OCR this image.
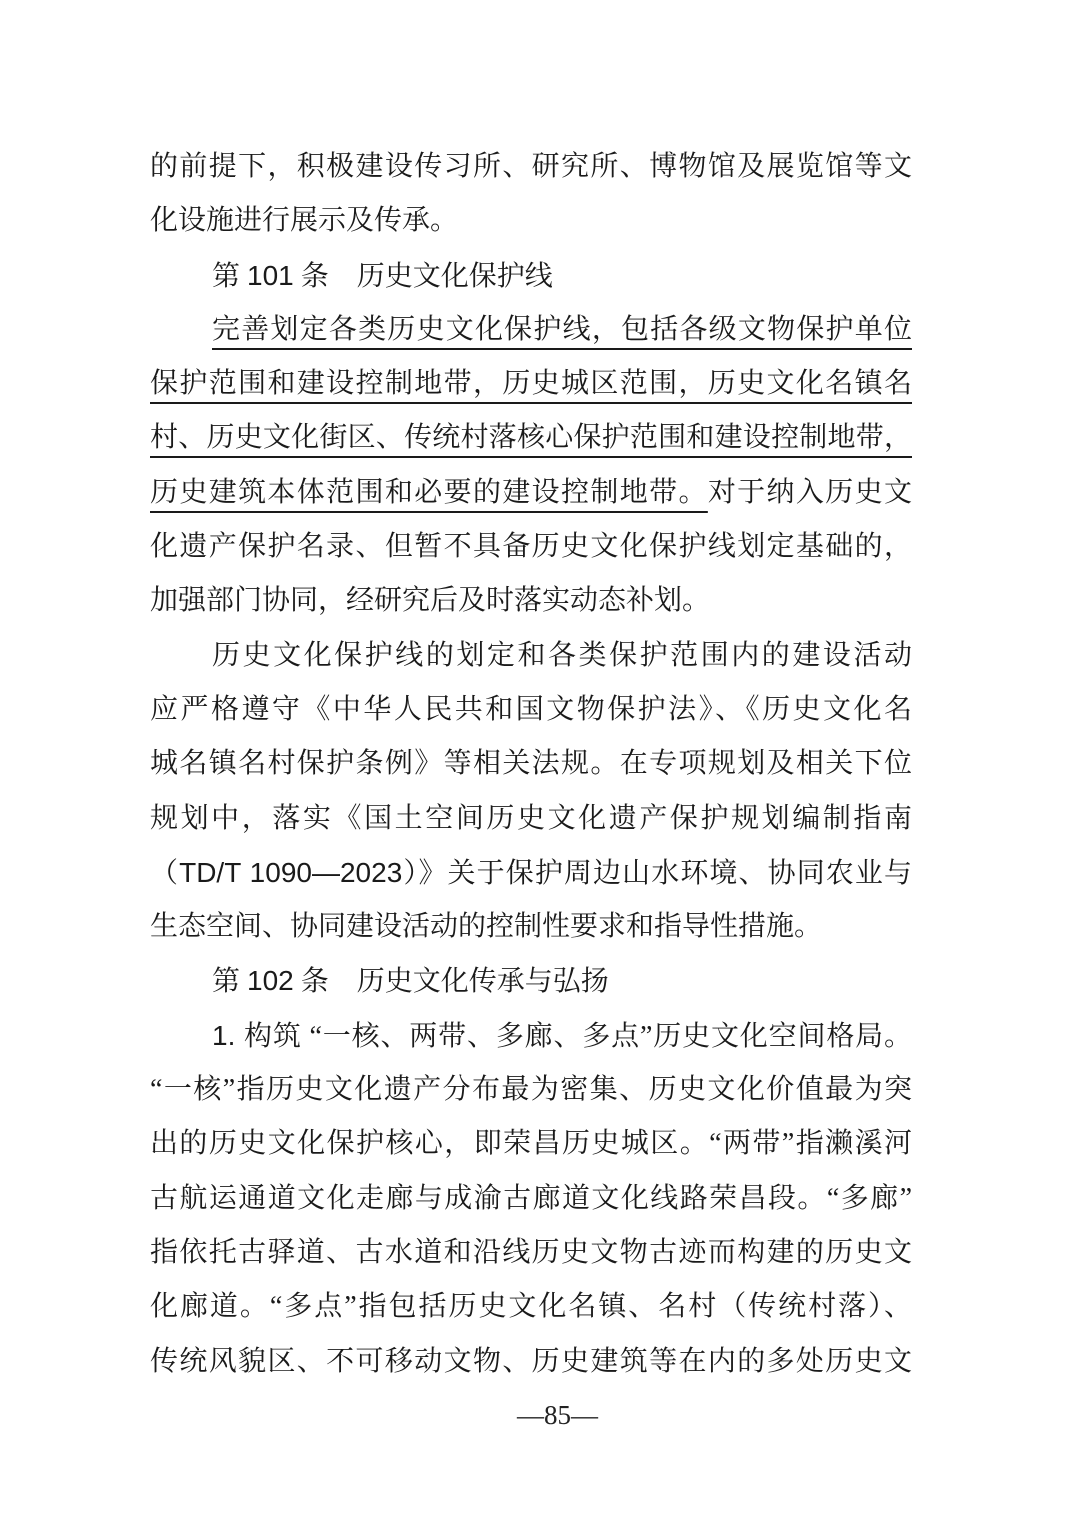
的前提下，积极建设传习所、研究所、博物馆及展览馆等文
化设施进行展示及传承。
第 101 条　历史文化保护线
完善划定各类历史文化保护线，包括各级文物保护单位
保护范围和建设控制地带，历史城区范围，历史文化名镇名
村、历史文化街区、传统村落核心保护范围和建设控制地带，
历史建筑本体范围和必要的建设控制地带。对于纳入历史文
化遗产保护名录、但暂不具备历史文化保护线划定基础的，
加强部门协同，经研究后及时落实动态补划。
历史文化保护线的划定和各类保护范围内的建设活动
应严格遵守《中华人民共和国文物保护法》、《历史文化名
城名镇名村保护条例》等相关法规。在专项规划及相关下位
规划中，落实《国土空间历史文化遗产保护规划编制指南
（TD/T 1090—2023）》关于保护周边山水环境、协同农业与
生态空间、协同建设活动的控制性要求和指导性措施。
第 102 条　历史文化传承与弘扬
1. 构筑 “一核、两带、多廊、多点”历史文化空间格局。
“一核”指历史文化遗产分布最为密集、历史文化价值最为突
出的历史文化保护核心，即荣昌历史城区。“两带”指濑溪河
古航运通道文化走廊与成渝古廊道文化线路荣昌段。“多廊”
指依托古驿道、古水道和沿线历史文物古迹而构建的历史文
化廊道。“多点”指包括历史文化名镇、名村（传统村落）、
传统风貌区、不可移动文物、历史建筑等在内的多处历史文
—85—
